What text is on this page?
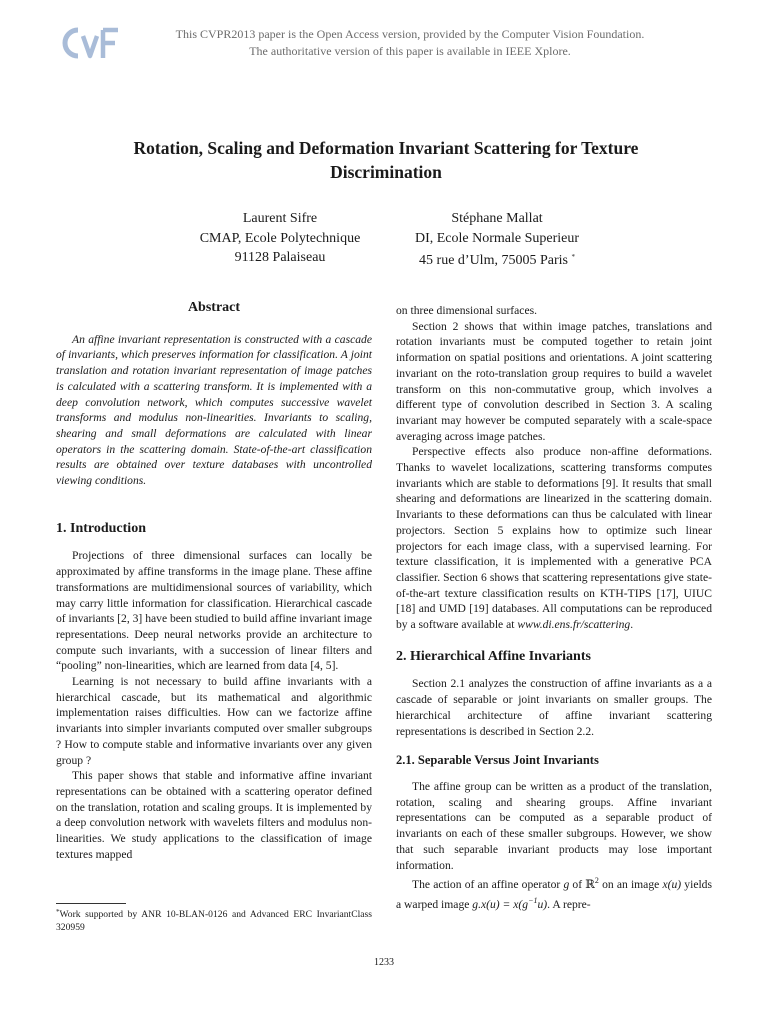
This CVPR2013 paper is the Open Access version, provided by the Computer Vision Foundation.
The authoritative version of this paper is available in IEEE Xplore.
Rotation, Scaling and Deformation Invariant Scattering for Texture
Discrimination
Laurent Sifre
CMAP, Ecole Polytechnique
91128 Palaiseau
Stéphane Mallat
DI, Ecole Normale Superieur
45 rue d’Ulm, 75005 Paris *
Abstract

An affine invariant representation is constructed with a cascade of invariants, which preserves information for classification. A joint translation and rotation invariant representation of image patches is calculated with a scattering transform. It is implemented with a deep convolution network, which computes successive wavelet transforms and modulus non-linearities. Invariants to scaling, shearing and small deformations are calculated with linear operators in the scattering domain. State-of-the-art classification results are obtained over texture databases with uncontrolled viewing conditions.

1. Introduction

Projections of three dimensional surfaces can locally be approximated by affine transforms in the image plane. These affine transformations are multidimensional sources of variability, which may carry little information for classification. Hierarchical cascade of invariants [2, 3] have been studied to build affine invariant image representations. Deep neural networks provide an architecture to compute such invariants, with a succession of linear filters and “pooling” non-linearities, which are learned from data [4, 5].

Learning is not necessary to build affine invariants with a hierarchical cascade, but its mathematical and algorithmic implementation raises difficulties. How can we factorize affine invariants into simpler invariants computed over smaller subgroups ? How to compute stable and informative invariants over any given group ?

This paper shows that stable and informative affine invariant representations can be obtained with a scattering operator defined on the translation, rotation and scaling groups. It is implemented by a deep convolution network with wavelets filters and modulus non-linearities. We study applications to the classification of image textures mapped

*Work supported by ANR 10-BLAN-0126 and Advanced ERC InvariantClass 320959

on three dimensional surfaces.

Section 2 shows that within image patches, translations and rotation invariants must be computed together to retain joint information on spatial positions and orientations. A joint scattering invariant on the roto-translation group requires to build a wavelet transform on this non-commutative group, which involves a different type of convolution described in Section 3. A scaling invariant may however be computed separately with a scale-space averaging across image patches.

Perspective effects also produce non-affine deformations. Thanks to wavelet localizations, scattering transforms computes invariants which are stable to deformations [9]. It results that small shearing and deformations are linearized in the scattering domain. Invariants to these deformations can thus be calculated with linear projectors. Section 5 explains how to optimize such linear projectors for each image class, with a supervised learning. For texture classification, it is implemented with a generative PCA classifier. Section 6 shows that scattering representations give state-of-the-art texture classification results on KTH-TIPS [17], UIUC [18] and UMD [19] databases. All computations can be reproduced by a software available at www.di.ens.fr/scattering.

2. Hierarchical Affine Invariants

Section 2.1 analyzes the construction of affine invariants as a a cascade of separable or joint invariants on smaller groups. The hierarchical architecture of affine invariant scattering representations is described in Section 2.2.

2.1. Separable Versus Joint Invariants

The affine group can be written as a product of the translation, rotation, scaling and shearing groups. Affine invariant representations can be computed as a separable product of invariants on each of these smaller subgroups. However, we show that such separable invariant products may lose important information.

The action of an affine operator g of ℝ$^2$ on an image x(u) yields a warped image $g.x(u) = x(g^{-1}u)$. A repre-

1233
